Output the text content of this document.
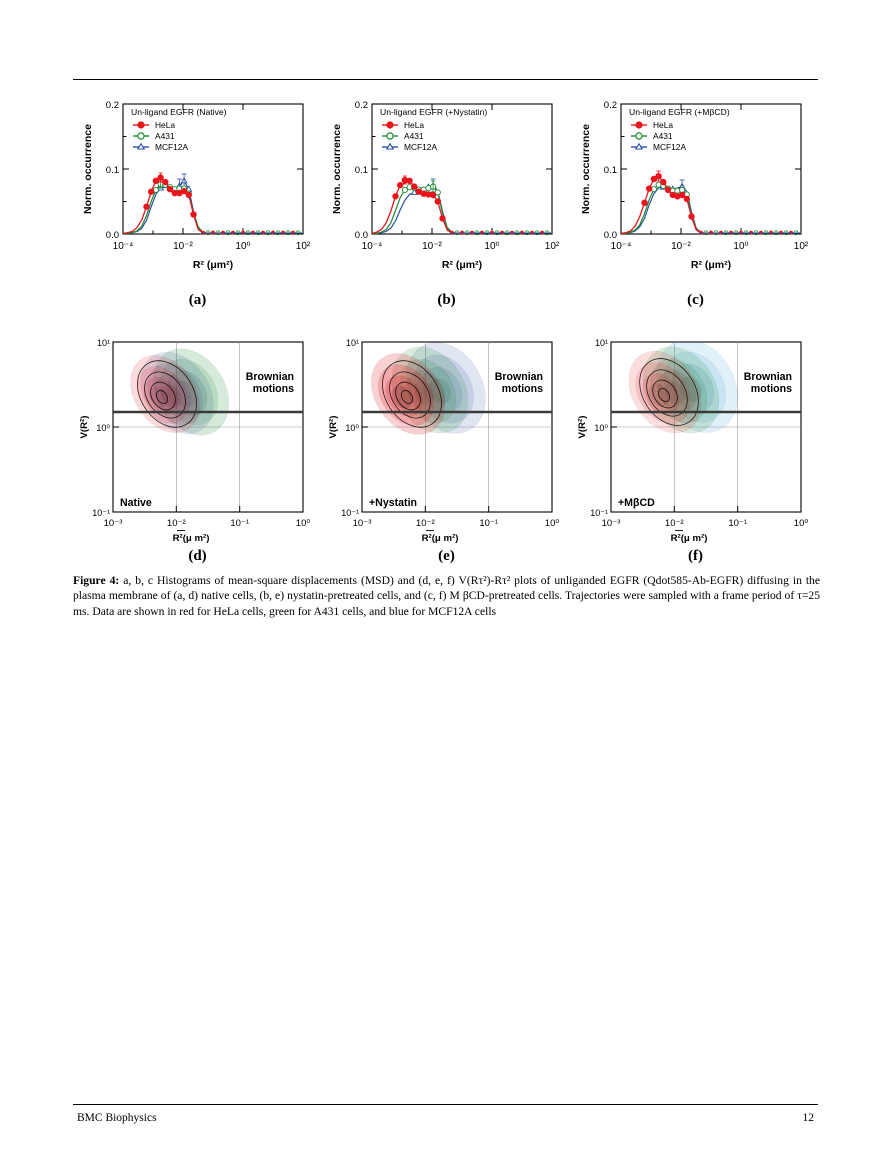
0.0
0.1
0.2
10⁻⁴	10⁻²	10⁰	10²
Norm. occurrence
R² (μm²)
Un-ligand EGFR (Native)
HeLa
A431
MCF12A
(a)
0.0
0.1
0.2
10⁻⁴	10⁻²	10⁰	10²
Norm. occurrence
R² (μm²)
Un-ligand EGFR (+Nystatin)
HeLa
A431
MCF12A
(b)
0.0
0.1
0.2
10⁻⁴	10⁻²	10⁰	10²
Norm. occurrence
R² (μm²)
Un-ligand EGFR (+MβCD)
HeLa
A431
MCF12A
(c)
Brownian
motions
Native
10¹
10⁰
10⁻¹
10⁻³	10⁻²	10⁻¹	10⁰
V(R²)
R²(μ m²)
(d)
Brownian
motions
+Nystatin
10¹
10⁰
10⁻¹
10⁻³	10⁻²	10⁻¹	10⁰
V(R²)
R²(μ m²)
(e)
Brownian
motions
+MβCD
10¹
10⁰
10⁻¹
10⁻³	10⁻²	10⁻¹	10⁰
V(R²)
R²(μ m²)
(f)
Figure 4: a, b, c Histograms of mean-square displacements (MSD) and (d, e, f) V(Rτ²)-Rτ² plots of unliganded EGFR (Qdot585-Ab-EGFR) diffusing in the plasma membrane of (a, d) native cells, (b, e) nystatin-pretreated cells, and (c, f) M βCD-pretreated cells. Trajectories were sampled with a frame period of τ=25 ms. Data are shown in red for HeLa cells, green for A431 cells, and blue for MCF12A cells
BMC Biophysics	12
